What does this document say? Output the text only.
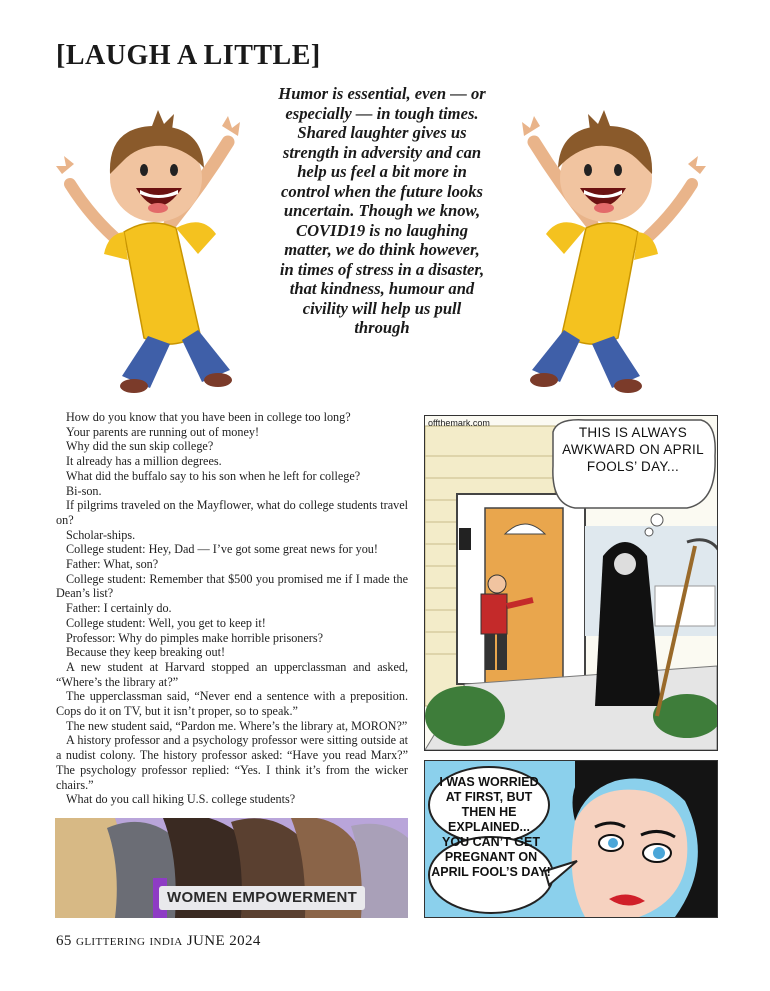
[LAUGH A LITTLE]
Humor is essential, even — or especially — in tough times. Shared laughter gives us strength in adversity and can help us feel a bit more in control when the future looks uncertain. Though we know, COVID19 is no laughing matter, we do think however, in times of stress in a disaster, that kindness, humour and civility will help us pull through

How do you know that you have been in college too long?

Your parents are running out of money!

Why did the sun skip college?

It already has a million degrees.

What did the buffalo say to his son when he left for college?

Bi-son.

If pilgrims traveled on the Mayflower, what do college students travel on?

Scholar-ships.

College student: Hey, Dad — I’ve got some great news for you!

Father: What, son?

College student: Remember that $500 you promised me if I made the Dean’s list?

Father: I certainly do.

College student: Well, you get to keep it!

Professor: Why do pimples make horrible prisoners?

Because they keep breaking out!

A new student at Harvard stopped an upperclassman and asked, “Where’s the library at?”

The upperclassman said, “Never end a sentence with a preposition. Cops do it on TV, but it isn’t proper, so to speak.”

The new student said, “Pardon me. Where’s the library at, MORON?”

A history professor and a psychology professor were sitting outside at a nudist colony. The history professor asked: “Have you read Marx?” The psychology professor replied: “Yes. I think it’s from the wicker chairs.”

What do you call hiking U.S. college students?

WOMEN EMPOWERMENT
offthemark.com
THIS IS ALWAYS AWKWARD ON APRIL FOOLS’ DAY...
I WAS WORRIED AT FIRST, BUT THEN HE EXPLAINED...
YOU CAN’T GET PREGNANT ON APRIL FOOL’S DAY!
65 glittering india JUNE 2024
